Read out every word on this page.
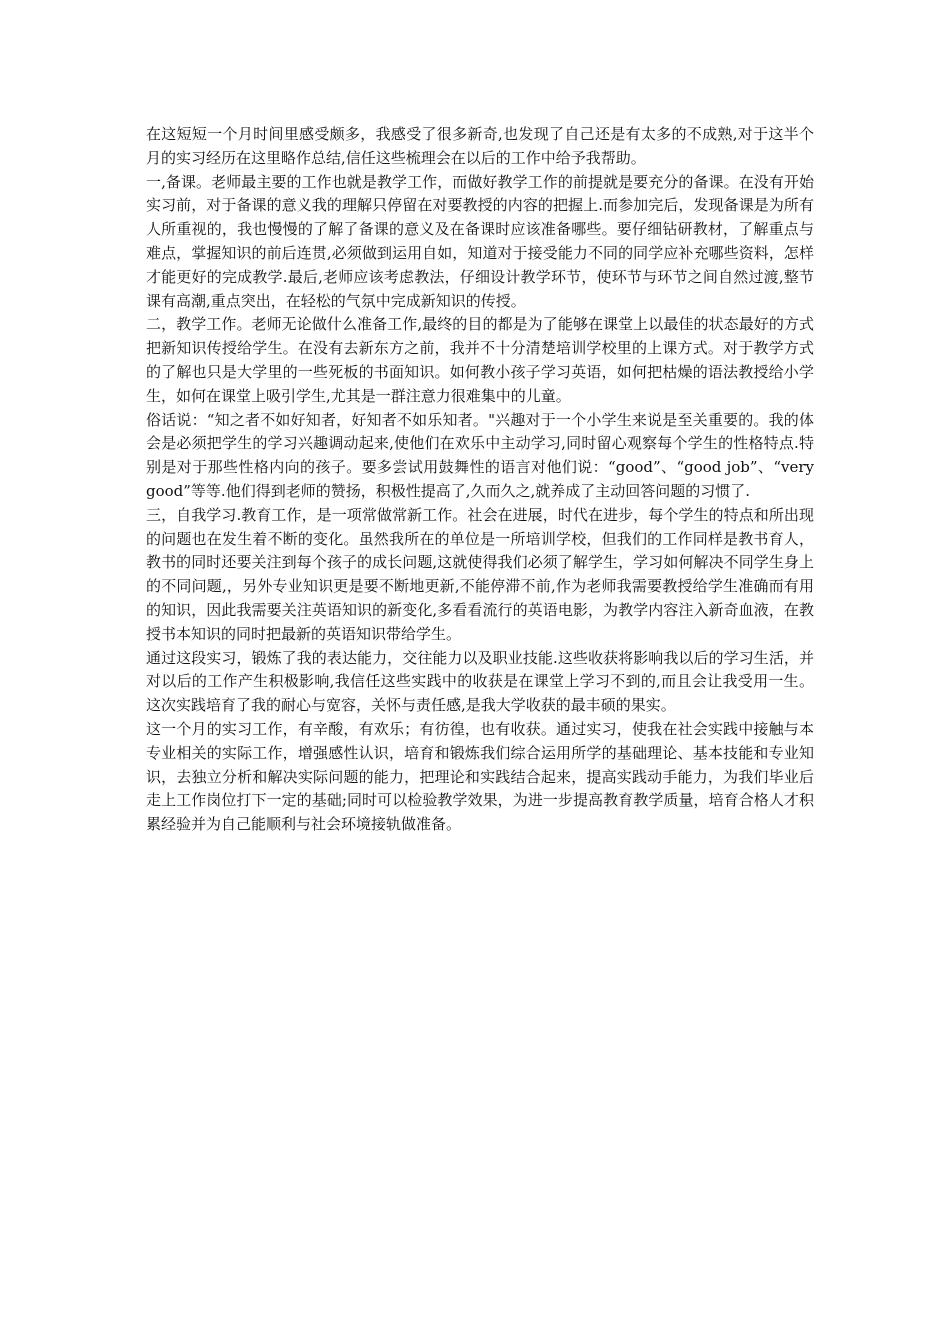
在这短短一个月时间里感受颇多，我感受了很多新奇,也发现了自己还是有太多的不成熟,对于这半个月的实习经历在这里略作总结,信任这些梳理会在以后的工作中给予我帮助。

一,备课。老师最主要的工作也就是教学工作，而做好教学工作的前提就是要充分的备课。在没有开始实习前，对于备课的意义我的理解只停留在对要教授的内容的把握上.而参加完后，发现备课是为所有人所重视的，我也慢慢的了解了备课的意义及在备课时应该准备哪些。要仔细钻研教材，了解重点与难点，掌握知识的前后连贯,必须做到运用自如，知道对于接受能力不同的同学应补充哪些资料，怎样才能更好的完成教学.最后,老师应该考虑教法，仔细设计教学环节，使环节与环节之间自然过渡,整节课有高潮,重点突出，在轻松的气氛中完成新知识的传授。

二，教学工作。老师无论做什么准备工作,最终的目的都是为了能够在课堂上以最佳的状态最好的方式把新知识传授给学生。在没有去新东方之前，我并不十分清楚培训学校里的上课方式。对于教学方式的了解也只是大学里的一些死板的书面知识。如何教小孩子学习英语，如何把枯燥的语法教授给小学生，如何在课堂上吸引学生,尤其是一群注意力很难集中的儿童。

俗话说：“知之者不如好知者，好知者不如乐知者。"兴趣对于一个小学生来说是至关重要的。我的体会是必须把学生的学习兴趣调动起来,使他们在欢乐中主动学习,同时留心观察每个学生的性格特点.特别是对于那些性格内向的孩子。要多尝试用鼓舞性的语言对他们说：“good”、“good job”、“very good”等等.他们得到老师的赞扬，积极性提高了,久而久之,就养成了主动回答问题的习惯了.

三，自我学习.教育工作，是一项常做常新工作。社会在进展，时代在进步，每个学生的特点和所出现的问题也在发生着不断的变化。虽然我所在的单位是一所培训学校，但我们的工作同样是教书育人，教书的同时还要关注到每个孩子的成长问题,这就使得我们必须了解学生，学习如何解决不同学生身上的不同问题,，另外专业知识更是要不断地更新,不能停滞不前,作为老师我需要教授给学生准确而有用的知识，因此我需要关注英语知识的新变化,多看看流行的英语电影，为教学内容注入新奇血液，在教授书本知识的同时把最新的英语知识带给学生。

通过这段实习，锻炼了我的表达能力，交往能力以及职业技能.这些收获将影响我以后的学习生活，并对以后的工作产生积极影响,我信任这些实践中的收获是在课堂上学习不到的,而且会让我受用一生。这次实践培育了我的耐心与宽容，关怀与责任感,是我大学收获的最丰硕的果实。

这一个月的实习工作，有辛酸，有欢乐；有彷徨，也有收获。通过实习，使我在社会实践中接触与本专业相关的实际工作，增强感性认识，培育和锻炼我们综合运用所学的基础理论、基本技能和专业知识，去独立分析和解决实际问题的能力，把理论和实践结合起来，提高实践动手能力，为我们毕业后走上工作岗位打下一定的基础;同时可以检验教学效果，为进一步提高教育教学质量，培育合格人才积累经验并为自己能顺利与社会环境接轨做准备。
